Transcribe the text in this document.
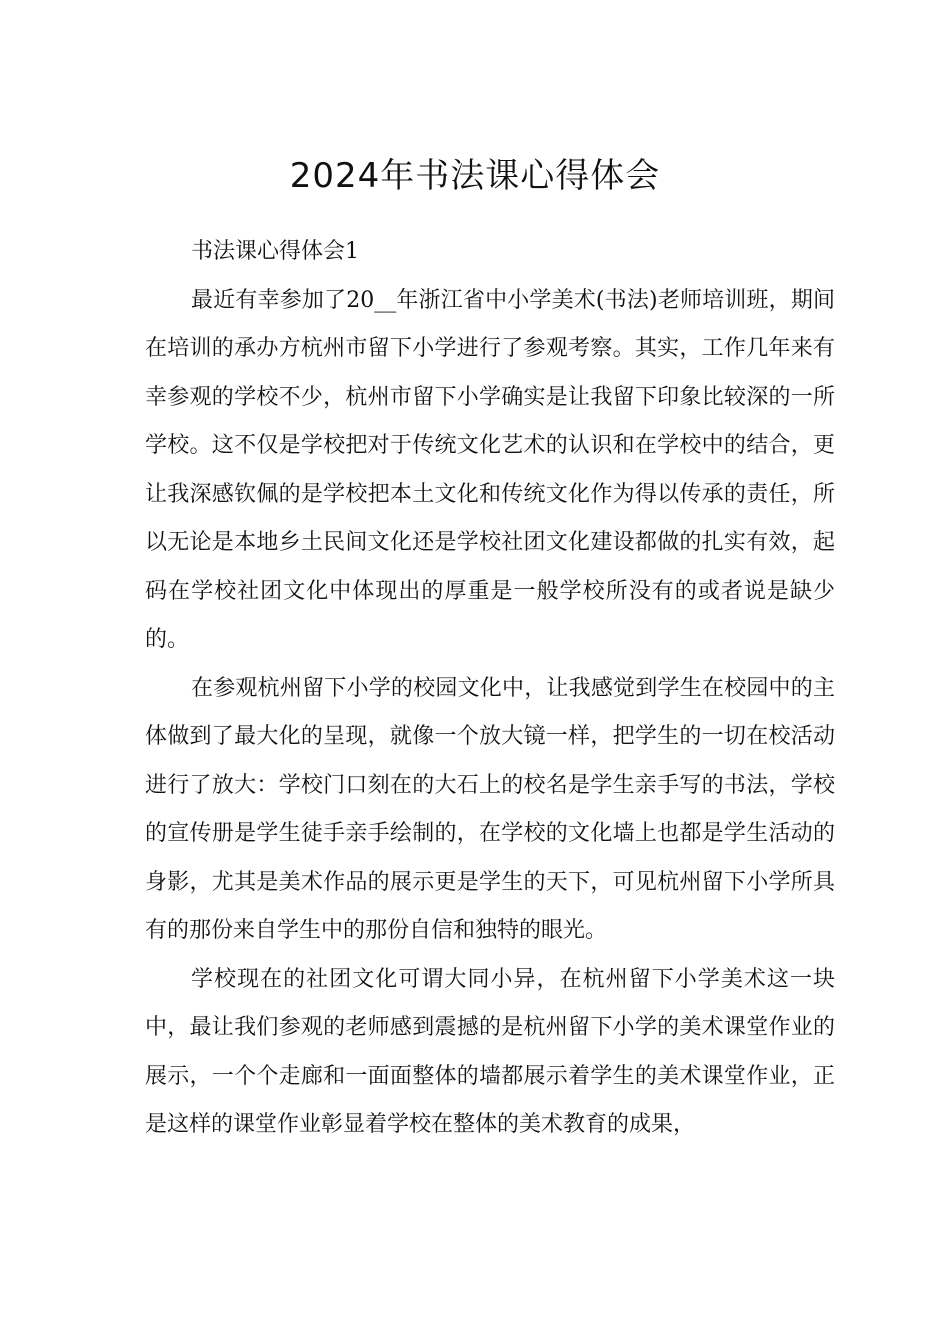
2024年书法课心得体会

书法课心得体会1

最近有幸参加了20__年浙江省中小学美术(书法)老师培训班，期间在培训的承办方杭州市留下小学进行了参观考察。其实，工作几年来有幸参观的学校不少，杭州市留下小学确实是让我留下印象比较深的一所学校。这不仅是学校把对于传统文化艺术的认识和在学校中的结合，更让我深感钦佩的是学校把本土文化和传统文化作为得以传承的责任，所以无论是本地乡土民间文化还是学校社团文化建设都做的扎实有效，起码在学校社团文化中体现出的厚重是一般学校所没有的或者说是缺少的。

在参观杭州留下小学的校园文化中，让我感觉到学生在校园中的主体做到了最大化的呈现，就像一个放大镜一样，把学生的一切在校活动进行了放大：学校门口刻在的大石上的校名是学生亲手写的书法，学校的宣传册是学生徒手亲手绘制的，在学校的文化墙上也都是学生活动的身影，尤其是美术作品的展示更是学生的天下，可见杭州留下小学所具有的那份来自学生中的那份自信和独特的眼光。

学校现在的社团文化可谓大同小异，在杭州留下小学美术这一块中，最让我们参观的老师感到震撼的是杭州留下小学的美术课堂作业的展示，一个个走廊和一面面整体的墙都展示着学生的美术课堂作业，正是这样的课堂作业彰显着学校在整体的美术教育的成果，
